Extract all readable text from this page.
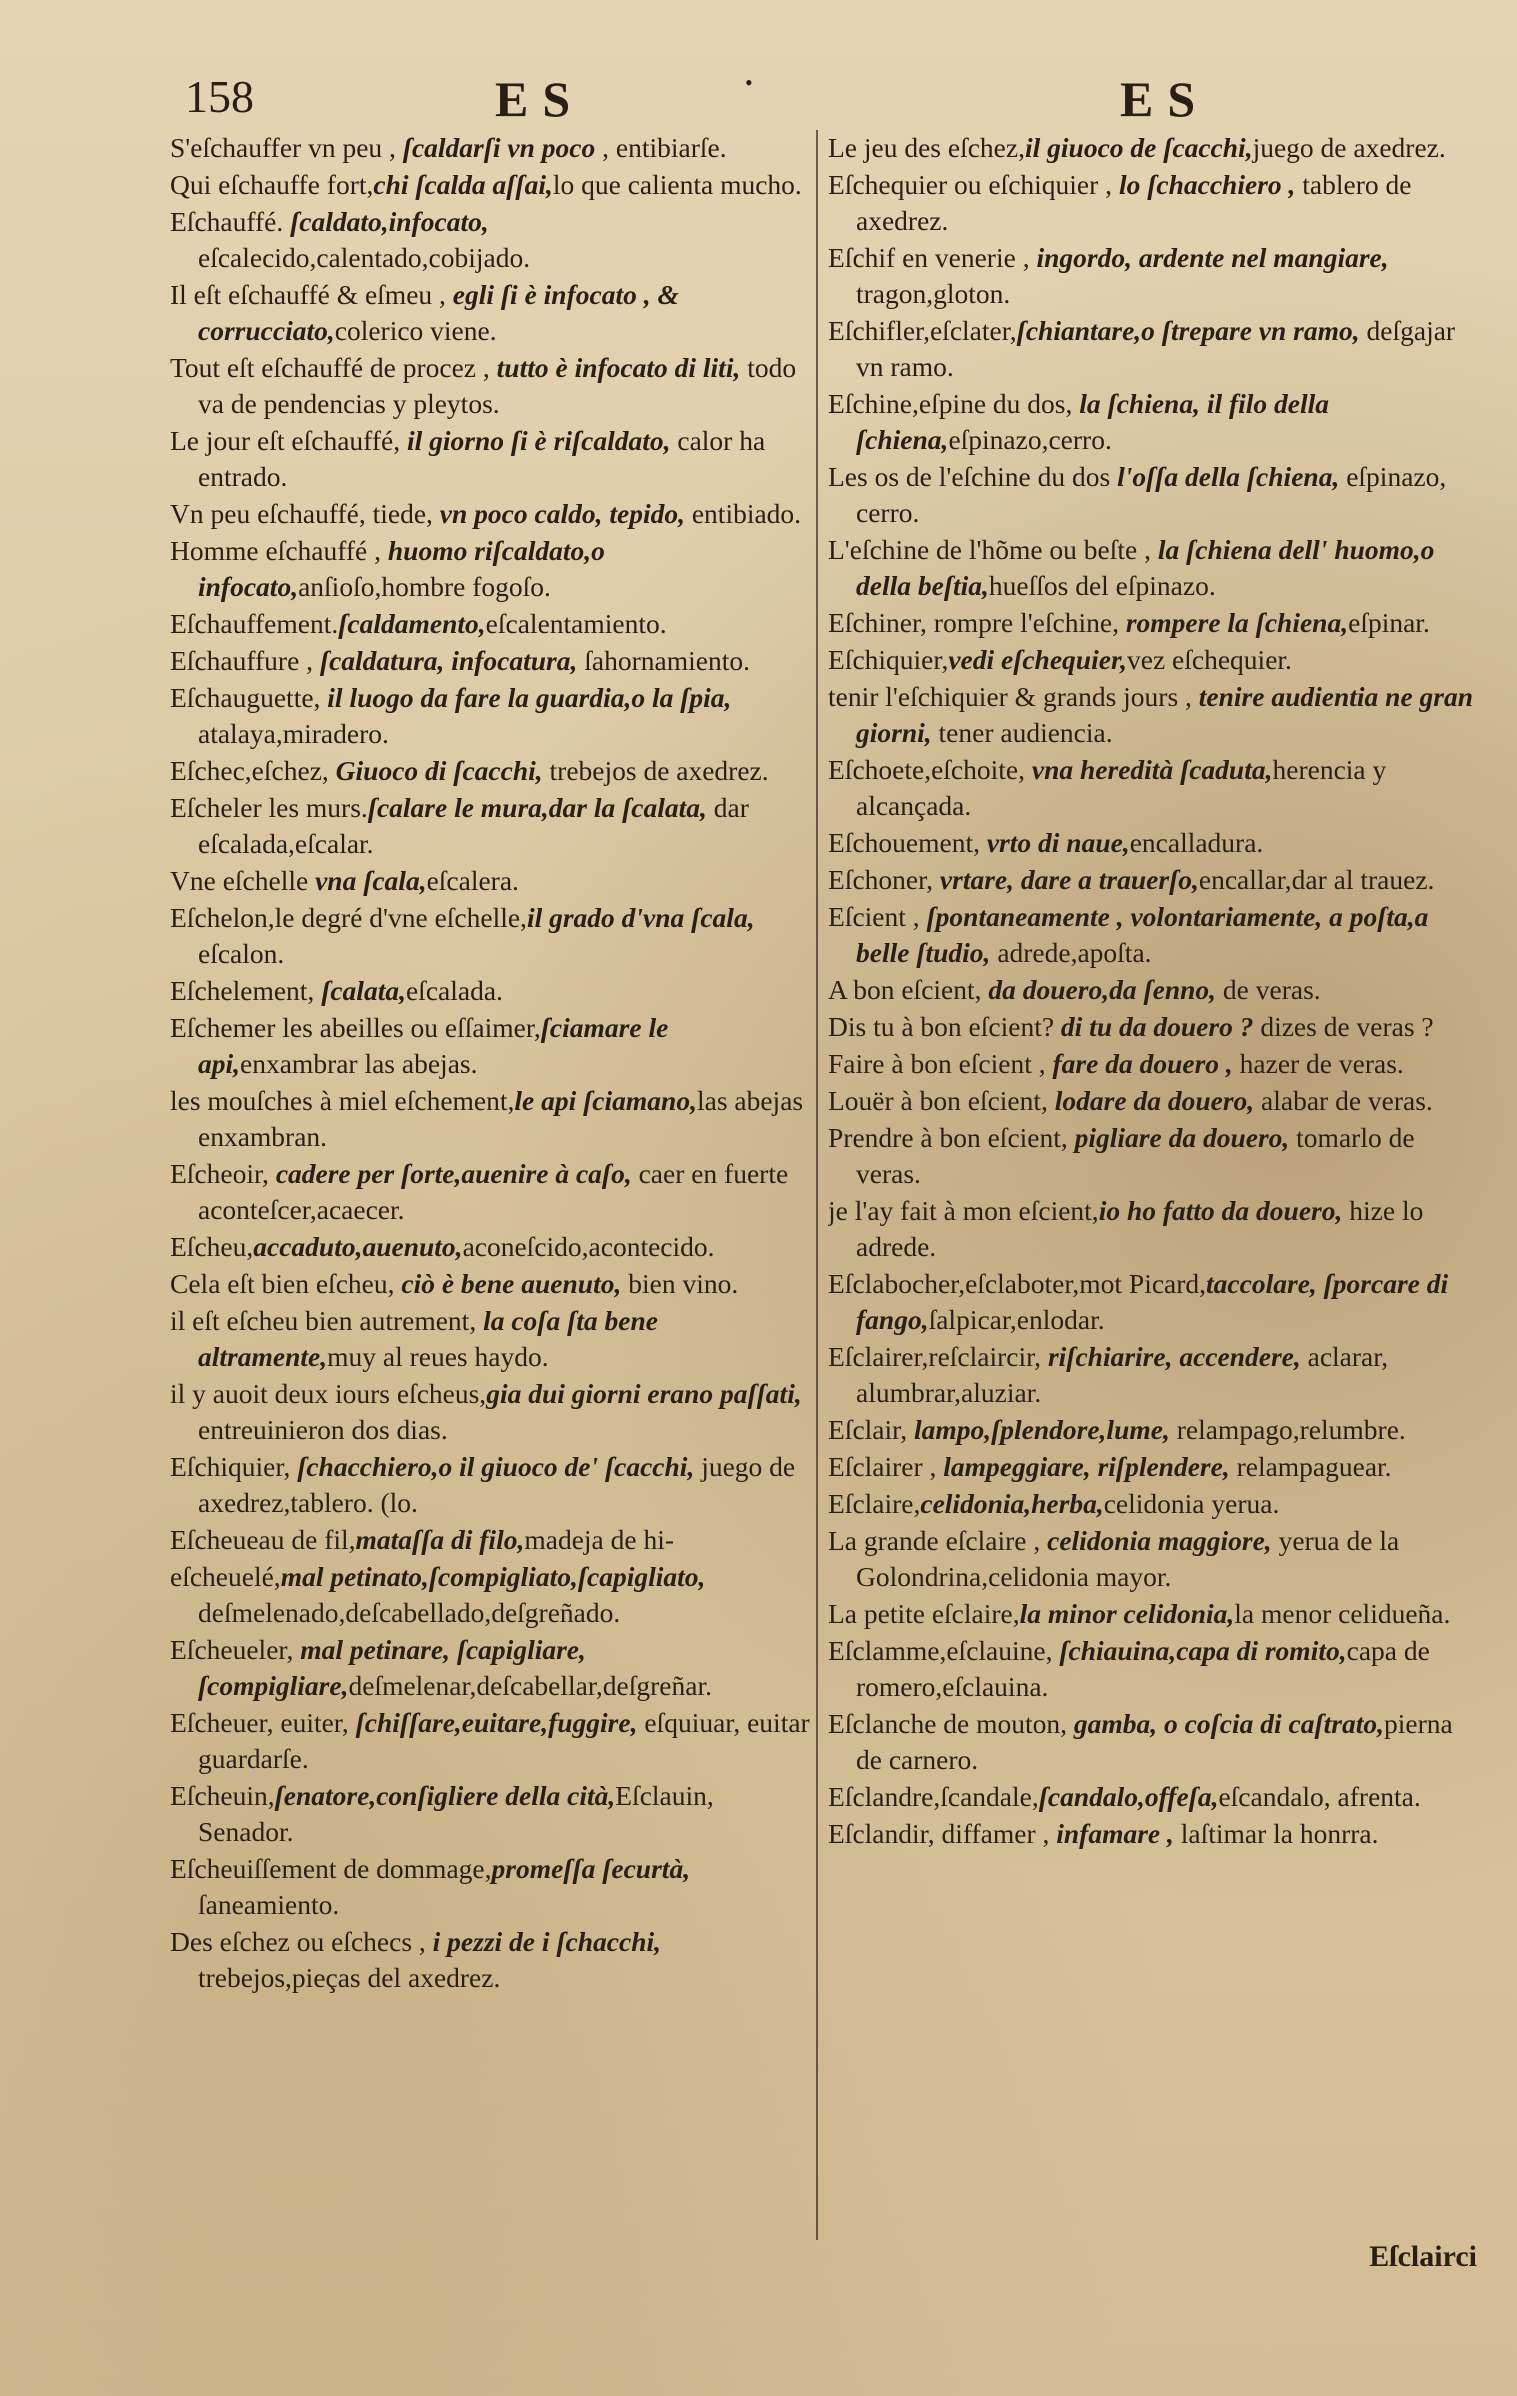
158	ES	•	ES
S'eſchauffer vn peu , ſcaldarſi vn poco , entibiarſe.
Qui eſchauffe fort,chi ſcalda aſſai,lo que calienta mucho.
Eſchauffé. ſcaldato,infocato, eſcalecido,calentado,cobijado.
Il eſt eſchauffé & eſmeu , egli ſi è infocato , & corrucciato,colerico viene.
Tout eſt eſchauffé de procez , tutto è infocato di liti, todo va de pendencias y pleytos.
Le jour eſt eſchauffé, il giorno ſi è riſcaldato, calor ha entrado.
Vn peu eſchauffé, tiede, vn poco caldo, tepido, entibiado.
Homme eſchauffé , huomo riſcaldato,o infocato,anſioſo,hombre fogoſo.
Eſchauffement.ſcaldamento,eſcalentamiento.
Eſchauffure , ſcaldatura, infocatura, ſahornamiento.
Eſchauguette, il luogo da fare la guardia,o la ſpia, atalaya,miradero.
Eſchec,eſchez, Giuoco di ſcacchi, trebejos de axedrez.
Eſcheler les murs.ſcalare le mura,dar la ſcalata, dar eſcalada,eſcalar.
Vne eſchelle vna ſcala,eſcalera.
Eſchelon,le degré d'vne eſchelle,il grado d'vna ſcala, eſcalon.
Eſchelement, ſcalata,eſcalada.
Eſchemer les abeilles ou eſſaimer,ſciamare le api,enxambrar las abejas.
les mouſches à miel eſchement,le api ſciamano,las abejas enxambran.
Eſcheoir, cadere per ſorte,auenire à caſo, caer en fuerte aconteſcer,acaecer.
Eſcheu,accaduto,auenuto,aconeſcido,acontecido.
Cela eſt bien eſcheu, ciò è bene auenuto, bien vino.
il eſt eſcheu bien autrement, la coſa ſta bene altramente,muy al reues haydo.
il y auoit deux iours eſcheus,gia dui giorni erano paſſati, entreuinieron dos dias.
Eſchiquier, ſchacchiero,o il giuoco de' ſcacchi, juego de axedrez,tablero. (lo.
Eſcheueau de fil,mataſſa di filo,madeja de hi-
eſcheuelé,mal petinato,ſcompigliato,ſcapigliato, deſmelenado,deſcabellado,deſgreñado.
Eſcheueler, mal petinare, ſcapigliare, ſcompigliare,deſmelenar,deſcabellar,deſgreñar.
Eſcheuer, euiter, ſchiſſare,euitare,fuggire, eſquiuar, euitar guardarſe.
Eſcheuin,ſenatore,conſigliere della cità,Eſclauin, Senador.
Eſcheuiſſement de dommage,promeſſa ſecurtà, ſaneamiento.
Des eſchez ou eſchecs , i pezzi de i ſchacchi, trebejos,pieças del axedrez.
Le jeu des eſchez,il giuoco de ſcacchi,juego de axedrez.
Eſchequier ou eſchiquier , lo ſchacchiero , tablero de axedrez.
Eſchif en venerie , ingordo, ardente nel mangiare, tragon,gloton.
Eſchifler,eſclater,ſchiantare,o ſtrepare vn ramo, deſgajar vn ramo.
Eſchine,eſpine du dos, la ſchiena, il filo della ſchiena,eſpinazo,cerro.
Les os de l'eſchine du dos l'oſſa della ſchiena, eſpinazo, cerro.
L'eſchine de l'hõme ou beſte , la ſchiena dell' huomo,o della beſtia,hueſſos del eſpinazo.
Eſchiner, rompre l'eſchine, rompere la ſchiena,eſpinar.
Eſchiquier,vedi eſchequier,vez eſchequier.
tenir l'eſchiquier & grands jours , tenire audientia ne gran giorni, tener audiencia.
Eſchoete,eſchoite, vna heredità ſcaduta,herencia y alcançada.
Eſchouement, vrto di naue,encalladura.
Eſchoner, vrtare, dare a trauerſo,encallar,dar al trauez.
Eſcient , ſpontaneamente , volontariamente, a poſta,a belle ſtudio, adrede,apoſta.
A bon eſcient, da douero,da ſenno, de veras.
Dis tu à bon eſcient? di tu da douero ? dizes de veras ?
Faire à bon eſcient , fare da douero , hazer de veras.
Louër à bon eſcient, lodare da douero, alabar de veras.
Prendre à bon eſcient, pigliare da douero, tomarlo de veras.
je l'ay fait à mon eſcient,io ho fatto da douero, hize lo adrede.
Eſclabocher,eſclaboter,mot Picard,taccolare, ſporcare di fango,ſalpicar,enlodar.
Eſclairer,reſclaircir, riſchiarire, accendere, aclarar, alumbrar,aluziar.
Eſclair, lampo,ſplendore,lume, relampago,relumbre.
Eſclairer , lampeggiare, riſplendere, relampaguear.
Eſclaire,celidonia,herba,celidonia yerua.
La grande eſclaire , celidonia maggiore, yerua de la Golondrina,celidonia mayor.
La petite eſclaire,la minor celidonia,la menor celidueña.
Eſclamme,eſclauine, ſchiauina,capa di romito,capa de romero,eſclauina.
Eſclanche de mouton, gamba, o coſcia di caſtrato,pierna de carnero.
Eſclandre,ſcandale,ſcandalo,offeſa,eſcandalo, afrenta.
Eſclandir, diffamer , infamare , laſtimar la honrra.
Eſclairci
